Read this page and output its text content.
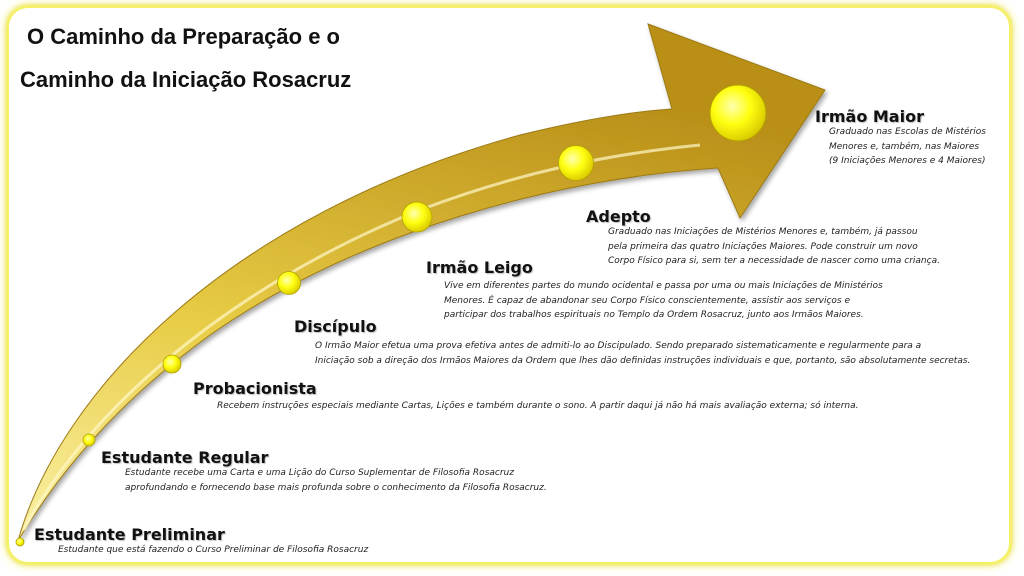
O Caminho da Preparação e o
Caminho da Iniciação Rosacruz
Estudante Preliminar

Estudante que está fazendo o Curso Preliminar de Filosofia Rosacruz

Estudante Regular

Estudante recebe uma Carta e uma Lição do Curso Suplementar de Filosofia Rosacruz
aprofundando e fornecendo base mais profunda sobre o conhecimento da Filosofia Rosacruz.

Probacionista

Recebem instruções especiais mediante Cartas, Lições e também durante o sono. A partir daqui já não há mais avaliação externa; só interna.

Discípulo

O Irmão Maior efetua uma prova efetiva antes de admiti-lo ao Discipulado. Sendo preparado sistematicamente e regularmente para a
Iniciação sob a direção dos Irmãos Maiores da Ordem que lhes dão definidas instruções individuais e que, portanto, são absolutamente secretas.

Irmão Leigo

Vive em diferentes partes do mundo ocidental e passa por uma ou mais Iniciações de Ministérios
Menores. É capaz de abandonar seu Corpo Físico conscientemente, assistir aos serviços e
participar dos trabalhos espirituais no Templo da Ordem Rosacruz, junto aos Irmãos Maiores.

Adepto

Graduado nas Iniciações de Mistérios Menores e, também, já passou
pela primeira das quatro Iniciações Maiores. Pode construir um novo
Corpo Físico para si, sem ter a necessidade de nascer como uma criança.

Irmão Maior

Graduado nas Escolas de Mistérios
Menores e, também, nas Maiores
(9 Iniciações Menores e 4 Maiores)
